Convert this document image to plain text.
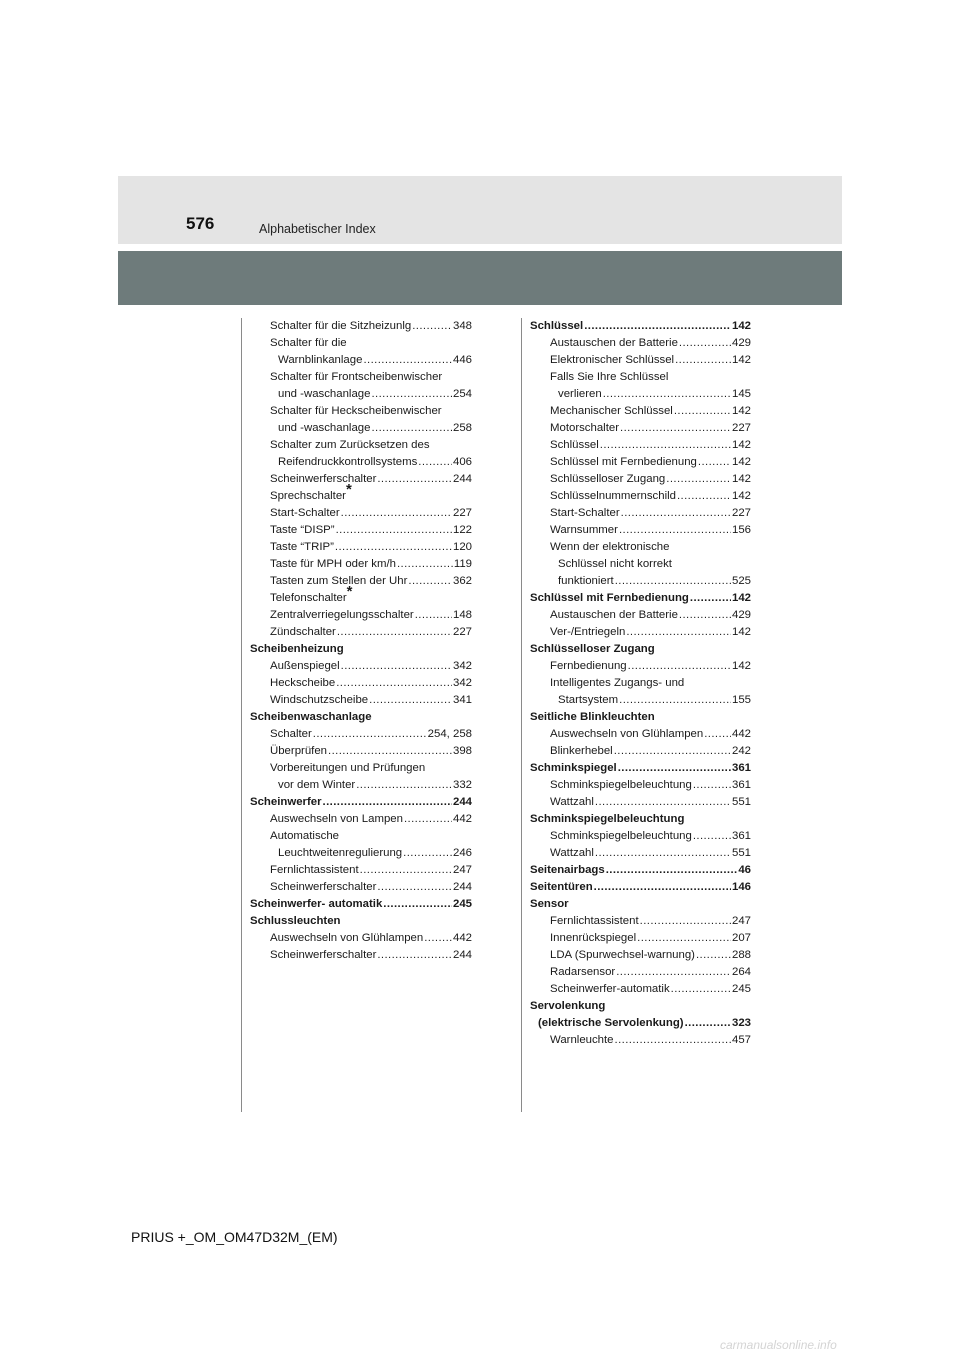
576	Alphabetischer Index
Schalter für die Sitzheizunlg .....	348
Schalter für die
Warnblinkanlage .....	446
Schalter für Frontscheibenwischer
und -waschanlage .....	254
Schalter für Heckscheibenwischer
und -waschanlage .....	258
Schalter zum Zurücksetzen des
Reifendruckkontrollsystems .....	406
Scheinwerferschalter .....	244
Sprechschalter*
Start-Schalter .....	227
Taste “DISP” .....	122
Taste “TRIP” .....	120
Taste für MPH oder km/h .....	119
Tasten zum Stellen der Uhr .....	362
Telefonschalter*
Zentralverriegelungsschalter .....	148
Zündschalter .....	227
Scheibenheizung
Außenspiegel .....	342
Heckscheibe .....	342
Windschutzscheibe .....	341
Scheibenwaschanlage
Schalter .....	254, 258
Überprüfen .....	398
Vorbereitungen und Prüfungen
vor dem Winter .....	332
Scheinwerfer .....	244
Auswechseln von Lampen .....	442
Automatische
Leuchtweitenregulierung .....	246
Fernlichtassistent .....	247
Scheinwerferschalter .....	244
Scheinwerfer- automatik .....	245
Schlussleuchten
Auswechseln von Glühlampen .....	442
Scheinwerferschalter .....	244
Schlüssel .....	142
Austauschen der Batterie .....	429
Elektronischer Schlüssel .....	142
Falls Sie Ihre Schlüssel
verlieren .....	145
Mechanischer Schlüssel .....	142
Motorschalter .....	227
Schlüssel .....	142
Schlüssel mit Fernbedienung .....	142
Schlüsselloser Zugang .....	142
Schlüsselnummernschild .....	142
Start-Schalter .....	227
Warnsummer .....	156
Wenn der elektronische
Schlüssel nicht korrekt
funktioniert .....	525
Schlüssel mit Fernbedienung .....	142
Austauschen der Batterie .....	429
Ver-/Entriegeln .....	142
Schlüsselloser Zugang
Fernbedienung .....	142
Intelligentes Zugangs- und
Startsystem .....	155
Seitliche Blinkleuchten
Auswechseln von Glühlampen .....	442
Blinkerhebel .....	242
Schminkspiegel .....	361
Schminkspiegelbeleuchtung .....	361
Wattzahl .....	551
Schminkspiegelbeleuchtung
Schminkspiegelbeleuchtung .....	361
Wattzahl .....	551
Seitenairbags .....	46
Seitentüren .....	146
Sensor
Fernlichtassistent .....	247
Innenrückspiegel .....	207
LDA (Spurwechsel-warnung) .....	288
Radarsensor .....	264
Scheinwerfer-automatik .....	245
Servolenkung
(elektrische Servolenkung) .....	323
Warnleuchte .....	457
PRIUS +_OM_OM47D32M_(EM)
carmanualsonline.info
